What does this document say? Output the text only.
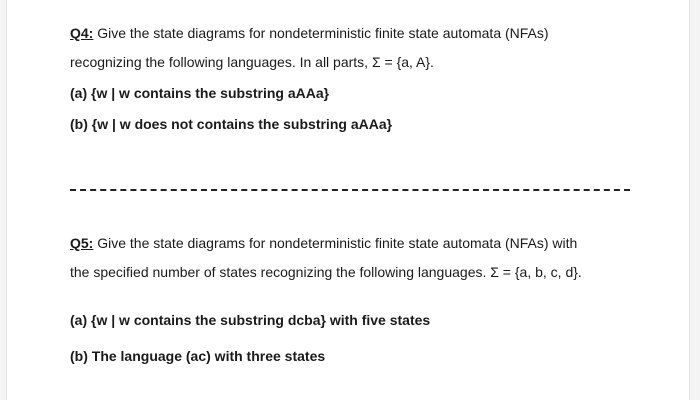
Q4: Give the state diagrams for nondeterministic finite state automata (NFAs)
recognizing the following languages. In all parts, Σ = {a, A}.
(a) {w | w contains the substring aAAa}
(b) {w | w does not contains the substring aAAa}
Q5: Give the state diagrams for nondeterministic finite state automata (NFAs) with
the specified number of states recognizing the following languages. Σ = {a, b, c, d}.
(a) {w | w contains the substring dcba} with five states
(b) The language (ac) with three states
